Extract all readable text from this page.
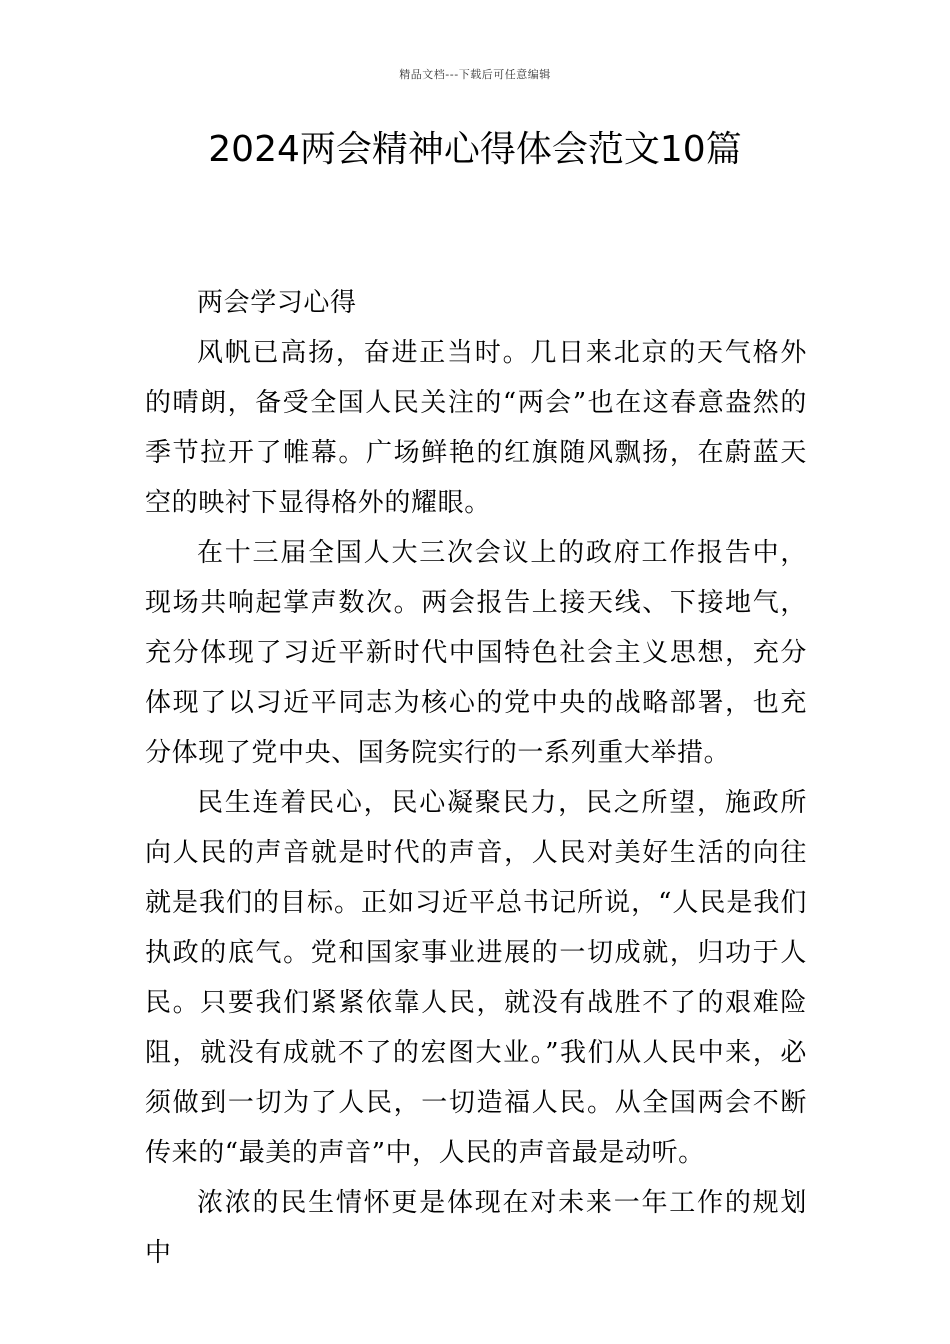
精品文档---下载后可任意编辑
2024两会精神心得体会范文10篇

两会学习心得

风帆已高扬，奋进正当时。几日来北京的天气格外的晴朗，备受全国人民关注的“两会”也在这春意盎然的季节拉开了帷幕。广场鲜艳的红旗随风飘扬，在蔚蓝天空的映衬下显得格外的耀眼。

在十三届全国人大三次会议上的政府工作报告中，现场共响起掌声数次。两会报告上接天线、下接地气，充分体现了习近平新时代中国特色社会主义思想，充分体现了以习近平同志为核心的党中央的战略部署，也充分体现了党中央、国务院实行的一系列重大举措。

民生连着民心，民心凝聚民力，民之所望，施政所向人民的声音就是时代的声音，人民对美好生活的向往就是我们的目标。正如习近平总书记所说，“人民是我们执政的底气。党和国家事业进展的一切成就，归功于人民。只要我们紧紧依靠人民，就没有战胜不了的艰难险阻，就没有成就不了的宏图大业。”我们从人民中来，必须做到一切为了人民，一切造福人民。从全国两会不断传来的“最美的声音”中，人民的声音最是动听。

浓浓的民生情怀更是体现在对未来一年工作的规划中
